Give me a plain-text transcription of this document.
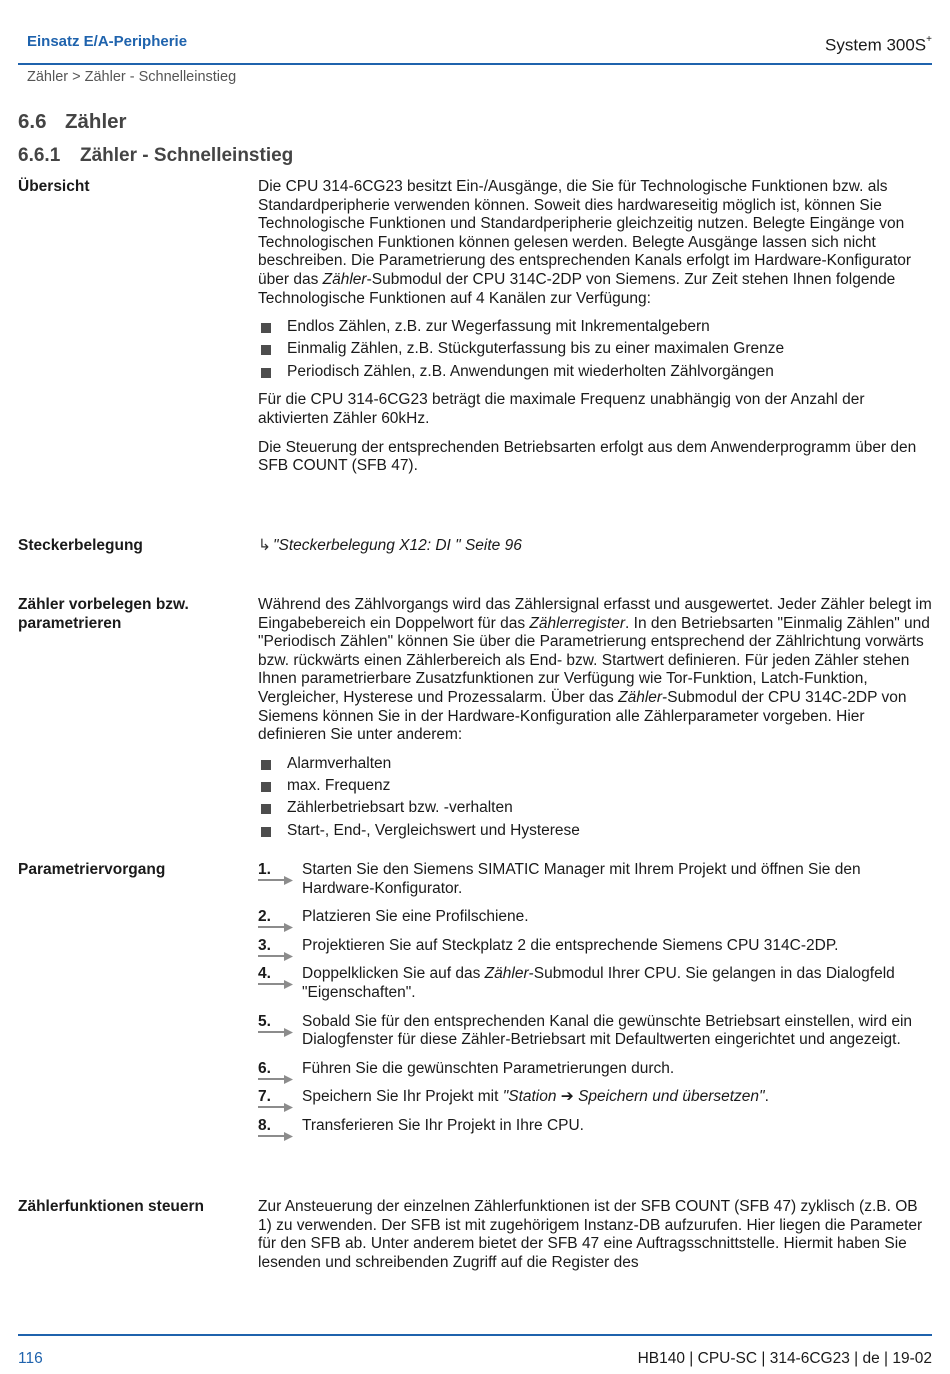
Einsatz E/A-Peripherie	System 300S+
Zähler > Zähler - Schnelleinstieg
6.6 Zähler
6.6.1 Zähler - Schnelleinstieg
Übersicht	Die CPU 314-6CG23 besitzt Ein-/Ausgänge, die Sie für Technologische Funktionen bzw. als Standardperipherie verwenden können. Soweit dies hardwareseitig möglich ist, können Sie Technologische Funktionen und Standardperipherie gleichzeitig nutzen. Belegte Eingänge von Technologischen Funktionen können gelesen werden. Belegte Ausgänge lassen sich nicht beschreiben. Die Parametrierung des entsprechenden Kanals erfolgt im Hardware-Konfigurator über das Zähler-Submodul der CPU 314C-2DP von Siemens. Zur Zeit stehen Ihnen folgende Technologische Funktionen auf 4 Kanälen zur Verfügung:

Endlos Zählen, z.B. zur Wegerfassung mit Inkrementalgebern
Einmalig Zählen, z.B. Stückguterfassung bis zu einer maximalen Grenze
Periodisch Zählen, z.B. Anwendungen mit wiederholten Zählvorgängen

Für die CPU 314-6CG23 beträgt die maximale Frequenz unabhängig von der Anzahl der aktivierten Zähler 60kHz.

Die Steuerung der entsprechenden Betriebsarten erfolgt aus dem Anwenderprogramm über den SFB COUNT (SFB 47).

Steckerbelegung	↳ "Steckerbelegung X12: DI " Seite 96
Zähler vorbelegen bzw. parametrieren

Während des Zählvorgangs wird das Zählersignal erfasst und ausgewertet. Jeder Zähler belegt im Eingabebereich ein Doppelwort für das Zählerregister. In den Betriebsarten "Einmalig Zählen" und "Periodisch Zählen" können Sie über die Parametrierung entsprechend der Zählrichtung vorwärts bzw. rückwärts einen Zählerbereich als End- bzw. Startwert definieren. Für jeden Zähler stehen Ihnen parametrierbare Zusatzfunktionen zur Verfügung wie Tor-Funktion, Latch-Funktion, Vergleicher, Hysterese und Prozessalarm. Über das Zähler-Submodul der CPU 314C-2DP von Siemens können Sie in der Hardware-Konfiguration alle Zählerparameter vorgeben. Hier definieren Sie unter anderem:

Alarmverhalten
max. Frequenz
Zählerbetriebsart bzw. -verhalten
Start-, End-, Vergleichswert und Hysterese
Parametriervorgang	1. Starten Sie den Siemens SIMATIC Manager mit Ihrem Projekt und öffnen Sie den Hardware-Konfigurator.
2. Platzieren Sie eine Profilschiene.
3. Projektieren Sie auf Steckplatz 2 die entsprechende Siemens CPU 314C-2DP.
4. Doppelklicken Sie auf das Zähler-Submodul Ihrer CPU. Sie gelangen in das Dialogfeld "Eigenschaften".
5. Sobald Sie für den entsprechenden Kanal die gewünschte Betriebsart einstellen, wird ein Dialogfenster für diese Zähler-Betriebsart mit Defaultwerten eingerichtet und angezeigt.
6. Führen Sie die gewünschten Parametrierungen durch.
7. Speichern Sie Ihr Projekt mit "Station ➔ Speichern und übersetzen".
8. Transferieren Sie Ihr Projekt in Ihre CPU.
Zählerfunktionen steuern	Zur Ansteuerung der einzelnen Zählerfunktionen ist der SFB COUNT (SFB 47) zyklisch (z.B. OB 1) zu verwenden. Der SFB ist mit zugehörigem Instanz-DB aufzurufen. Hier liegen die Parameter für den SFB ab. Unter anderem bietet der SFB 47 eine Auftragsschnittstelle. Hiermit haben Sie lesenden und schreibenden Zugriff auf die Register des

116	HB140 | CPU-SC | 314-6CG23 | de | 19-02
